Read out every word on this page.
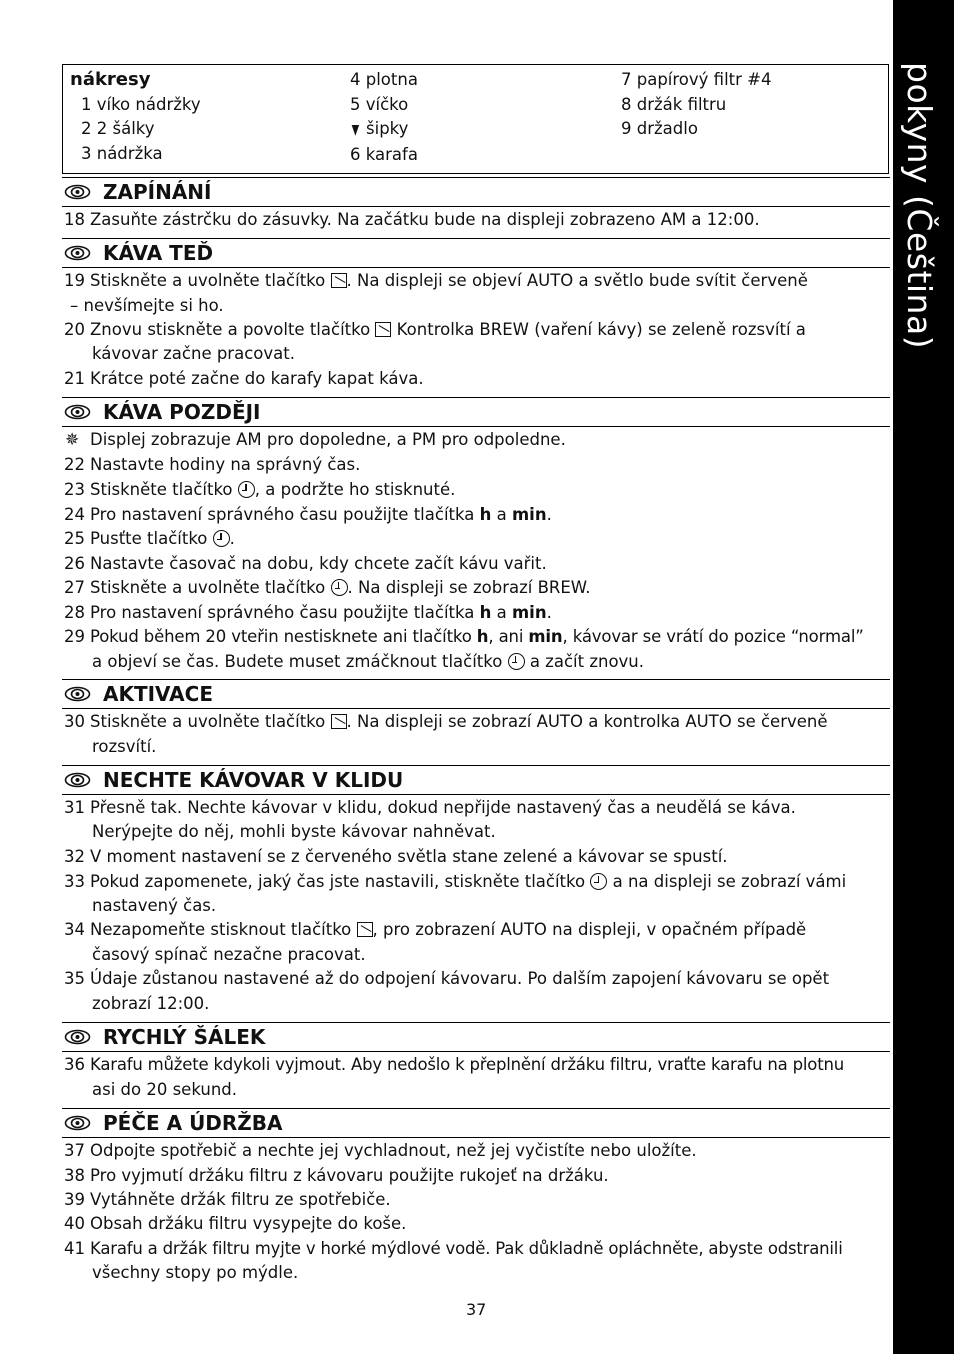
pokyny (Čeština)
nákresy
1 víko nádržky
2 2 šálky
3 nádržka
4 plotna
5 víčko
▼ šipky
6 karafa
7 papírový filtr #4
8 držák filtru
9 držadlo
ZAPÍNÁNÍ
18 Zasuňte zástrčku do zásuvky. Na začátku bude na displeji zobrazeno AM a 12:00.
KÁVA TEĎ
19 Stiskněte a uvolněte tlačítko . Na displeji se objeví AUTO a světlo bude svítit červeně
– nevšímejte si ho.
20 Znovu stiskněte a povolte tlačítko  Kontrolka BREW (vaření kávy) se zeleně rozsvítí a
kávovar začne pracovat.
21 Krátce poté začne do karafy kapat káva.
KÁVA POZDĚJI
✵ Displej zobrazuje AM pro dopoledne, a PM pro odpoledne.
22 Nastavte hodiny na správný čas.
23 Stiskněte tlačítko , a podržte ho stisknuté.
24 Pro nastavení správného času použijte tlačítka h a min.
25 Pusťte tlačítko .
26 Nastavte časovač na dobu, kdy chcete začít kávu vařit.
27 Stiskněte a uvolněte tlačítko . Na displeji se zobrazí BREW.
28 Pro nastavení správného času použijte tlačítka h a min.
29 Pokud během 20 vteřin nestisknete ani tlačítko h, ani min, kávovar se vrátí do pozice “normal”
a objeví se čas. Budete muset zmáčknout tlačítko  a začít znovu.
AKTIVACE
30 Stiskněte a uvolněte tlačítko . Na displeji se zobrazí AUTO a kontrolka AUTO se červeně
rozsvítí.
NECHTE KÁVOVAR V KLIDU
31 Přesně tak. Nechte kávovar v klidu, dokud nepřijde nastavený čas a neudělá se káva.
Nerýpejte do něj, mohli byste kávovar nahněvat.
32 V moment nastavení se z červeného světla stane zelené a kávovar se spustí.
33 Pokud zapomenete, jaký čas jste nastavili, stiskněte tlačítko  a na displeji se zobrazí vámi
nastavený čas.
34 Nezapomeňte stisknout tlačítko , pro zobrazení AUTO na displeji, v opačném případě
časový spínač nezačne pracovat.
35 Údaje zůstanou nastavené až do odpojení kávovaru. Po dalším zapojení kávovaru se opět
zobrazí 12:00.
RYCHLÝ ŠÁLEK
36 Karafu můžete kdykoli vyjmout. Aby nedošlo k přeplnění držáku filtru, vraťte karafu na plotnu
asi do 20 sekund.
PÉČE A ÚDRŽBA
37 Odpojte spotřebič a nechte jej vychladnout, než jej vyčistíte nebo uložíte.
38 Pro vyjmutí držáku filtru z kávovaru použijte rukojeť na držáku.
39 Vytáhněte držák filtru ze spotřebiče.
40 Obsah držáku filtru vysypejte do koše.
41 Karafu a držák filtru myjte v horké mýdlové vodě. Pak důkladně opláchněte, abyste odstranili
všechny stopy po mýdle.
37
